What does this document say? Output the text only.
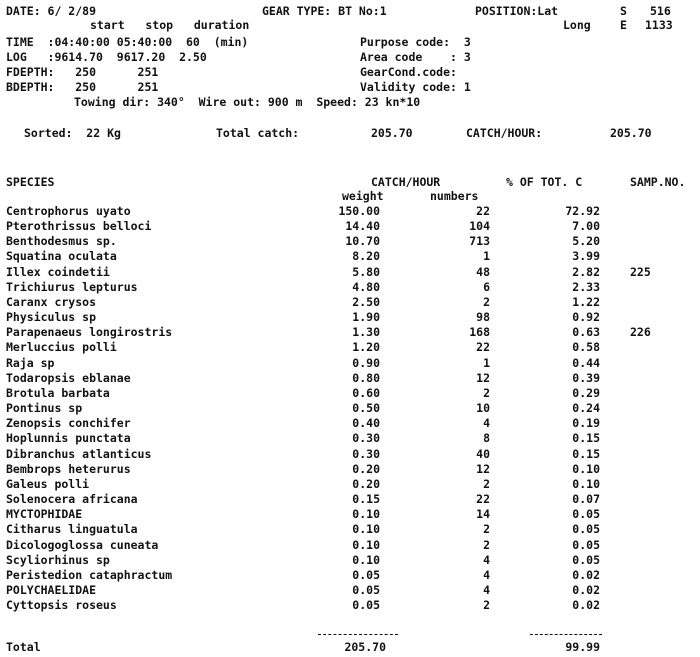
DATE: 6/ 2/89	GEAR TYPE: BT No:1	POSITION:Lat	S 516
start   stop   duration	Long	E 1133
TIME  :04:40:00 05:40:00  60  (min)	Purpose code:  3
LOG   :9614.70  9617.20  2.50	Area code    : 3
FDEPTH:   250      251	GearCond.code:
BDEPTH:   250      251	Validity code: 1
Towing dir: 340°  Wire out: 900 m  Speed: 23 kn*10
Sorted:  22 Kg	Total catch:	205.70	CATCH/HOUR:	205.70
SPECIES	CATCH/HOUR	% OF TOT. C	SAMP.NO.
weight	numbers
Centrophorus uyato	150.00	22	72.92
Pterothrissus belloci	14.40	104	7.00
Benthodesmus sp.	10.70	713	5.20
Squatina oculata	8.20	1	3.99
Illex coindetii	5.80	48	2.82	225
Trichiurus lepturus	4.80	6	2.33
Caranx crysos	2.50	2	1.22
Physiculus sp	1.90	98	0.92
Parapenaeus longirostris	1.30	168	0.63	226
Merluccius polli	1.20	22	0.58
Raja sp	0.90	1	0.44
Todaropsis eblanae	0.80	12	0.39
Brotula barbata	0.60	2	0.29
Pontinus sp	0.50	10	0.24
Zenopsis conchifer	0.40	4	0.19
Hoplunnis punctata	0.30	8	0.15
Dibranchus atlanticus	0.30	40	0.15
Bembrops heterurus	0.20	12	0.10
Galeus polli	0.20	2	0.10
Solenocera africana	0.15	22	0.07
MYCTOPHIDAE	0.10	14	0.05
Citharus linguatula	0.10	2	0.05
Dicologoglossa cuneata	0.10	2	0.05
Scyliorhinus sp	0.10	4	0.05
Peristedion cataphractum	0.05	4	0.02
POLYCHAELIDAE	0.05	4	0.02
Cyttopsis roseus	0.05	2	0.02
Total	205.70	99.99
